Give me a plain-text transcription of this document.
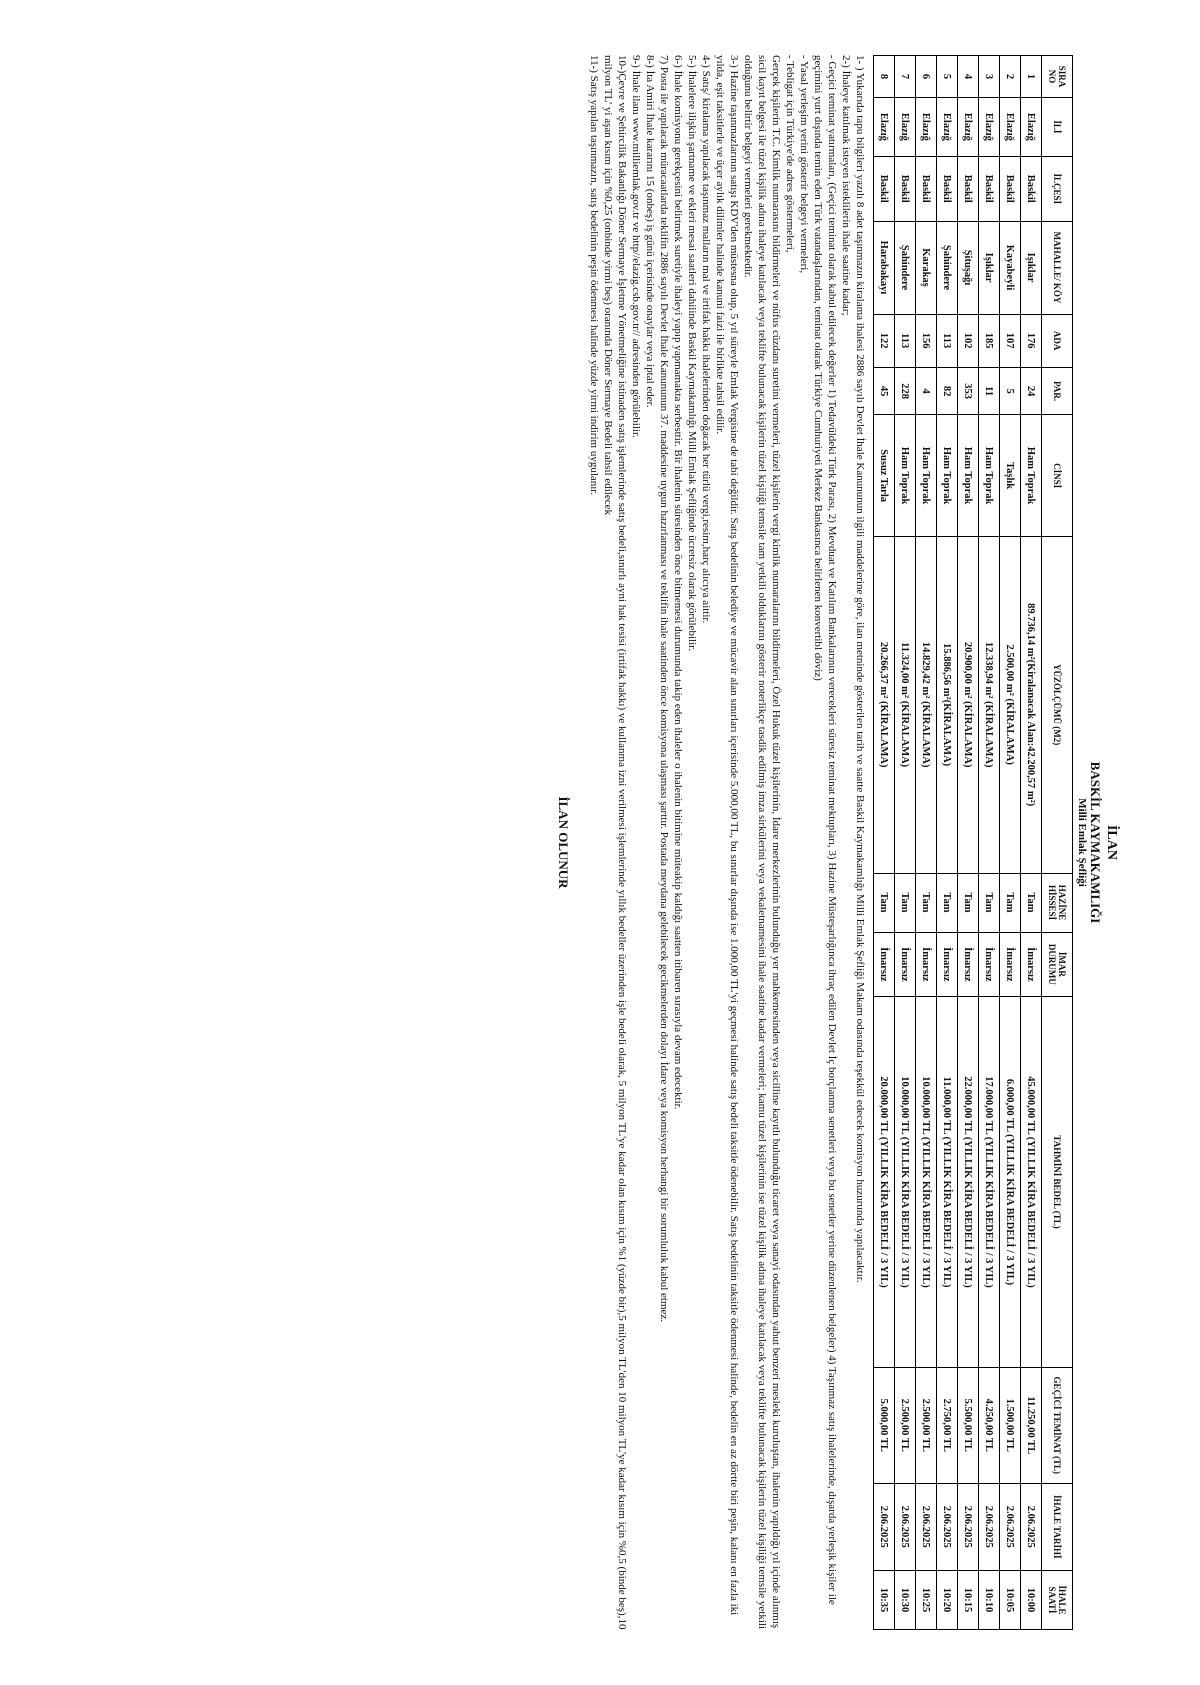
İLAN
BASKİL KAYMAKAMLIĞI
Milli Emlak Şefliği
SIRA NO	İLİ	İLÇESİ	MAHALLE/ KÖY	ADA	PAR.	CİNSİ	YÜZÖLÇÜMÜ (M2)	HAZİNE HİSSESİ	İMAR DURUMU	TAHMİNİ BEDEL (TL)	GEÇİCİ TEMİNAT (TL)	İHALE TARİHİ	İHALE SAATİ
1	Elazığ	Baskil	Işıklar	176	24	Ham Toprak	89.736,14 m²(Kiralanacak Alan:42.200,57 m²)	Tam	İmarsız	45.000,00 TL (YILLIK KİRA BEDELİ / 3 YIL)	11.250,00 TL	2.06.2025	10:00
2	Elazığ	Baskil	Kayabeyli	107	5	Taşlık	2.500,00 m² (KİRALAMA)	Tam	İmarsız	6.000,00 TL (YILLIK KİRA BEDELİ / 3 YIL)	1.500,00 TL	2.06.2025	10:05
3	Elazığ	Baskil	Işıklar	185	11	Ham Toprak	12.338,94 m² (KİRALAMA)	Tam	İmarsız	17.000,00 TL (YILLIK KİRA BEDELİ / 3 YIL)	4.250,00 TL	2.06.2025	10:10
4	Elazığ	Baskil	Şituşağı	102	353	Ham Toprak	20.900,00 m² (KİRALAMA)	Tam	İmarsız	22.000,00 TL (YILLIK KİRA BEDELİ / 3 YIL)	5.500,00 TL	2.06.2025	10:15
5	Elazığ	Baskil	Şahindere	113	82	Ham Toprak	15.886,56 m²(KİRALAMA)	Tam	İmarsız	11.000,00 TL (YILLIK KİRA BEDELİ / 3 YIL)	2.750,00 TL	2.06.2025	10:20
6	Elazığ	Baskil	Karakaş	156	4	Ham Toprak	14.829,42 m² (KİRALAMA)	Tam	İmarsız	10.000,00 TL (YILLIK KİRA BEDELİ / 3 YIL)	2.500,00 TL	2.06.2025	10:25
7	Elazığ	Baskil	Şahindere	113	228	Ham Toprak	11.324,00 m² (KİRALAMA)	Tam	İmarsız	10.000,00 TL (YILLIK KİRA BEDELİ / 3 YIL)	2.500,00 TL	2.06.2025	10:30
8	Elazığ	Baskil	Harabakayı	122	45	Susuz Tarla	20.266,37 m² (KİRALAMA)	Tam	İmarsız	20.000,00 TL (YILLIK KİRA BEDELİ / 3 YIL)	5.000,00 TL	2.06.2025	10:35

1- ) Yukarıda tapu bilgileri yazılı 8 adet taşınmazın kiralama ihalesi 2886 sayılı Devlet İhale Kanununun ilgili maddelerine göre, ilan metninde gösterilen tarih ve saatte Baskil Kaymakamlığı Milli Emlak Şefliği Makam odasında teşekkül edecek komisyon huzurunda yapılacaktır.

2-) İhaleye katılmak isteyen isteklilerin ihale saatine kadar;

- Geçici teminat yatırmaları, (Geçici teminat olarak kabul edilecek değerler 1) Tedavüldeki Türk Parası, 2) Mevduat ve Katılım Bankalarının verecekleri süresiz teminat mektupları, 3) Hazine Müsteşarlığınca ihraç edilen Devlet İç borçlanma senetleri veya bu senetler yerine düzenlenen belgeler) 4) Taşınmaz satış ihalelerinde, dışarda yerleşik kişiler ile geçimini yurt dışında temin eden Türk vatandaşlarından, teminat olarak Türkiye Cumhuriyeti Merkez Bankasınca belirlenen konvertibl döviz)

- Yasal yerleşim yerini gösterir belgeyi vermeleri,

- Tebligat için Türkiye'de adres göstermeleri,

Gerçek kişilerin T.C. Kimlik numarasını bildirmeleri ve nüfus cüzdanı suretini vermeleri, tüzel kişilerin vergi kimlik numaralarını bildirmeleri, Özel Hukuk tüzel kişilerinin, İdare merkezlerinin bulunduğu yer mahkemesinden veya sicilline kayıtlı bulunduğu ticaret veya sanayi odasından yahut benzeri mesleki kuruluştan, ihalenin yapıldığı yıl içinde alınmış sicil kayıt belgesi ile tüzel kişilik adına ihaleye katılacak veya teklifte bulunacak kişilerin tüzel kişiliği temsile tam yetkili olduklarını gösterir noterlikçe tasdik edilmiş imza sirkülerini veya vekaletnamesini ihale saatine kadar vermeleri; kamu tüzel kişilerinin ise tüzel kişilik adına ihaleye katılacak veya teklifte bulunacak kişilerin tüzel kişiliği temsile yetkili olduğunu belirtir belgeyi vermeleri gerekmektedir.

3-) Hazine taşınmazlarının satışı KDV'den müstesna olup, 5 yıl süreyle Emlak Vergisine de tabi değildir. Satış bedelinin belediye ve mücavir alan sınırları içerisinde 5.000,00 TL, bu sınırlar dışında ise 1.000,00 TL'yi geçmesi halinde satış bedeli taksitle ödenebilir. Satış bedelinin taksitle ödenmesi halinde, bedelin en az dörtte biri peşin, kalanı en fazla iki yılda, eşit taksitlerle ve üçer aylık dilimler halinde kanuni faizi ile birlikte tahsil edilir.

4-) Satış/ kiralama yapılacak taşınmaz malların mal ve irtifak hakkı ihalelerinden doğacak her türlü vergi,resim,harç alıcıya aittir.

5-) İhalelere ilişkin şartname ve ekleri mesai saatleri dahilinde Baskil Kaymakamlığı Milli Emlak Şefliğinde ücretsiz olarak görülebilir.

6-) İhale komisyonu gerekçesini belirtmek suretiyle ihaleyi yapıp yapmamakta serbesttir. Bir ihalenin süresinden önce bitmemesi durumunda takip eden ihaleler o ihalenin bitimine müteakip kaldığı saatten itibaren sırasıyla devam edecektir.

7) Posta ile yapılacak müracaatlarda teklifin 2886 sayılı Devlet İhale Kanununun 37. maddesine uygun hazırlanması ve teklifin ihale saatinden önce komisyona ulaşması şarttır. Postada meydana gelebilecek gecikmelerden dolayı İdare veya komisyon herhangi bir sorumluluk kabul etmez.

8-) İta Amiri İhale kararını 15 (onbeş) iş günü içerisinde onaylar veya iptal eder.

9-) İhale ilanı www.milliemlak.gov.tr ve http//elazig.csb.gov.tr// adresinden görülebilir.

10-)Çevre ve Şehircilik Bakanlığı Döner Sermaye İşletme Yönetmeliğine istinaden satış işlemlerinde satış bedeli,sınırlı ayni hak tesisi (irtifak hakkı) ve kullanma izni verilmesi işlemlerinde yıllık bedeller üzerinden işle bedeli olarak, 5 milyon TL'ye kadar olan kısım için %1 (yüzde bir),5 milyon TL'den 10 milyon TL'ye kadar kısım için %0,5 (binde beş),10 milyon TL' yi aşan kısım için %0,25 (onbinde yirmi beş) oranında Döner Sermaye Bedeli tahsil edilecek

11-) Satış yapılan taşınmazın, satış bedelinin peşin ödenmesi halinde yüzde yirmi indirim uygulanır.

İLAN OLUNUR
